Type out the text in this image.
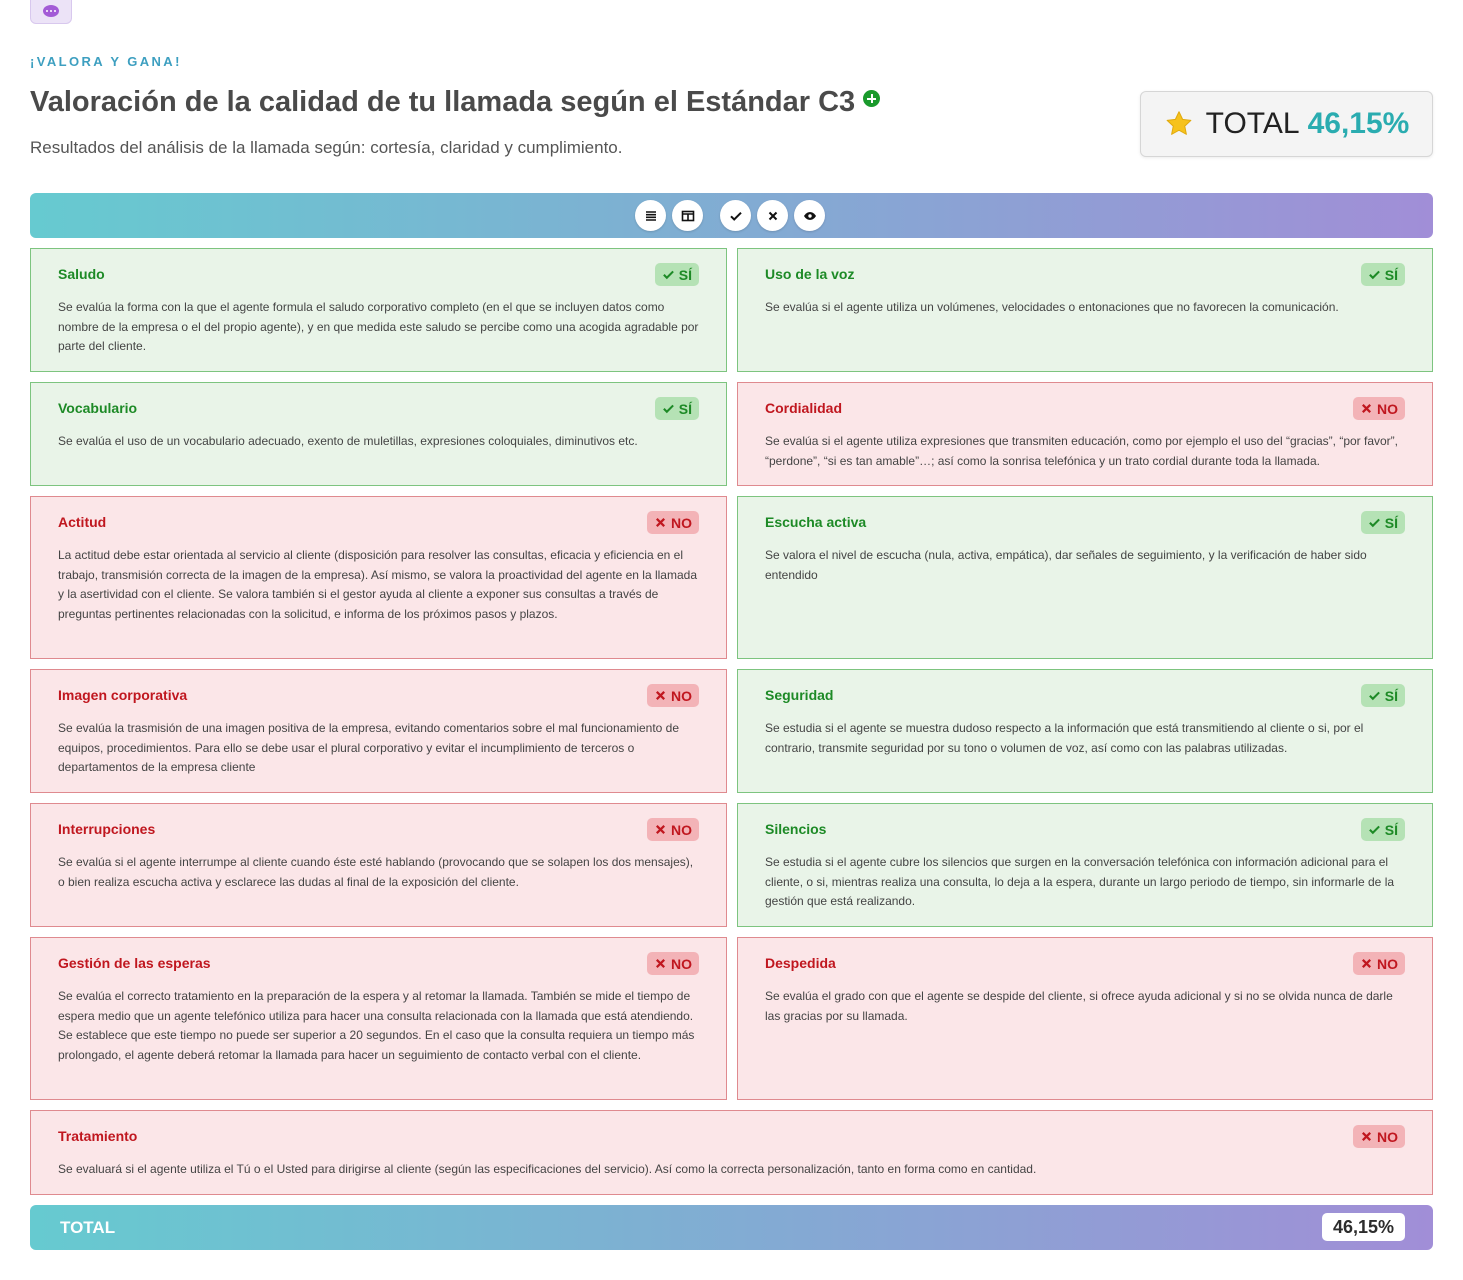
¡VALORA Y GANA!
Valoración de la calidad de tu llamada según el Estándar C3
Resultados del análisis de la llamada según: cortesía, claridad y cumplimiento.
TOTAL 46,15%
Saludo	SÍ
Se evalúa la forma con la que el agente formula el saludo corporativo completo (en el que se incluyen datos como nombre de la empresa o el del propio agente), y en que medida este saludo se percibe como una acogida agradable por parte del cliente.
Uso de la voz	SÍ
Se evalúa si el agente utiliza un volúmenes, velocidades o entonaciones que no favorecen la comunicación.
Vocabulario	SÍ
Se evalúa el uso de un vocabulario adecuado, exento de muletillas, expresiones coloquiales, diminutivos etc.
Cordialidad	NO
Se evalúa si el agente utiliza expresiones que transmiten educación, como por ejemplo el uso del “gracias”, “por favor”, “perdone”, “si es tan amable”…; así como la sonrisa telefónica y un trato cordial durante toda la llamada.
Actitud	NO
La actitud debe estar orientada al servicio al cliente (disposición para resolver las consultas, eficacia y eficiencia en el trabajo, transmisión correcta de la imagen de la empresa). Así mismo, se valora la proactividad del agente en la llamada y la asertividad con el cliente. Se valora también si el gestor ayuda al cliente a exponer sus consultas a través de preguntas pertinentes relacionadas con la solicitud, e informa de los próximos pasos y plazos.
Escucha activa	SÍ
Se valora el nivel de escucha (nula, activa, empática), dar señales de seguimiento, y la verificación de haber sido entendido
Imagen corporativa	NO
Se evalúa la trasmisión de una imagen positiva de la empresa, evitando comentarios sobre el mal funcionamiento de equipos, procedimientos. Para ello se debe usar el plural corporativo y evitar el incumplimiento de terceros o departamentos de la empresa cliente
Seguridad	SÍ
Se estudia si el agente se muestra dudoso respecto a la información que está transmitiendo al cliente o si, por el contrario, transmite seguridad por su tono o volumen de voz, así como con las palabras utilizadas.
Interrupciones	NO
Se evalúa si el agente interrumpe al cliente cuando éste esté hablando (provocando que se solapen los dos mensajes), o bien realiza escucha activa y esclarece las dudas al final de la exposición del cliente.
Silencios	SÍ
Se estudia si el agente cubre los silencios que surgen en la conversación telefónica con información adicional para el cliente, o si, mientras realiza una consulta, lo deja a la espera, durante un largo periodo de tiempo, sin informarle de la gestión que está realizando.
Gestión de las esperas	NO
Se evalúa el correcto tratamiento en la preparación de la espera y al retomar la llamada. También se mide el tiempo de espera medio que un agente telefónico utiliza para hacer una consulta relacionada con la llamada que está atendiendo. Se establece que este tiempo no puede ser superior a 20 segundos. En el caso que la consulta requiera un tiempo más prolongado, el agente deberá retomar la llamada para hacer un seguimiento de contacto verbal con el cliente.
Despedida	NO
Se evalúa el grado con que el agente se despide del cliente, si ofrece ayuda adicional y si no se olvida nunca de darle las gracias por su llamada.
Tratamiento	NO
Se evaluará si el agente utiliza el Tú o el Usted para dirigirse al cliente (según las especificaciones del servicio). Así como la correcta personalización, tanto en forma como en cantidad.
TOTAL	46,15%
